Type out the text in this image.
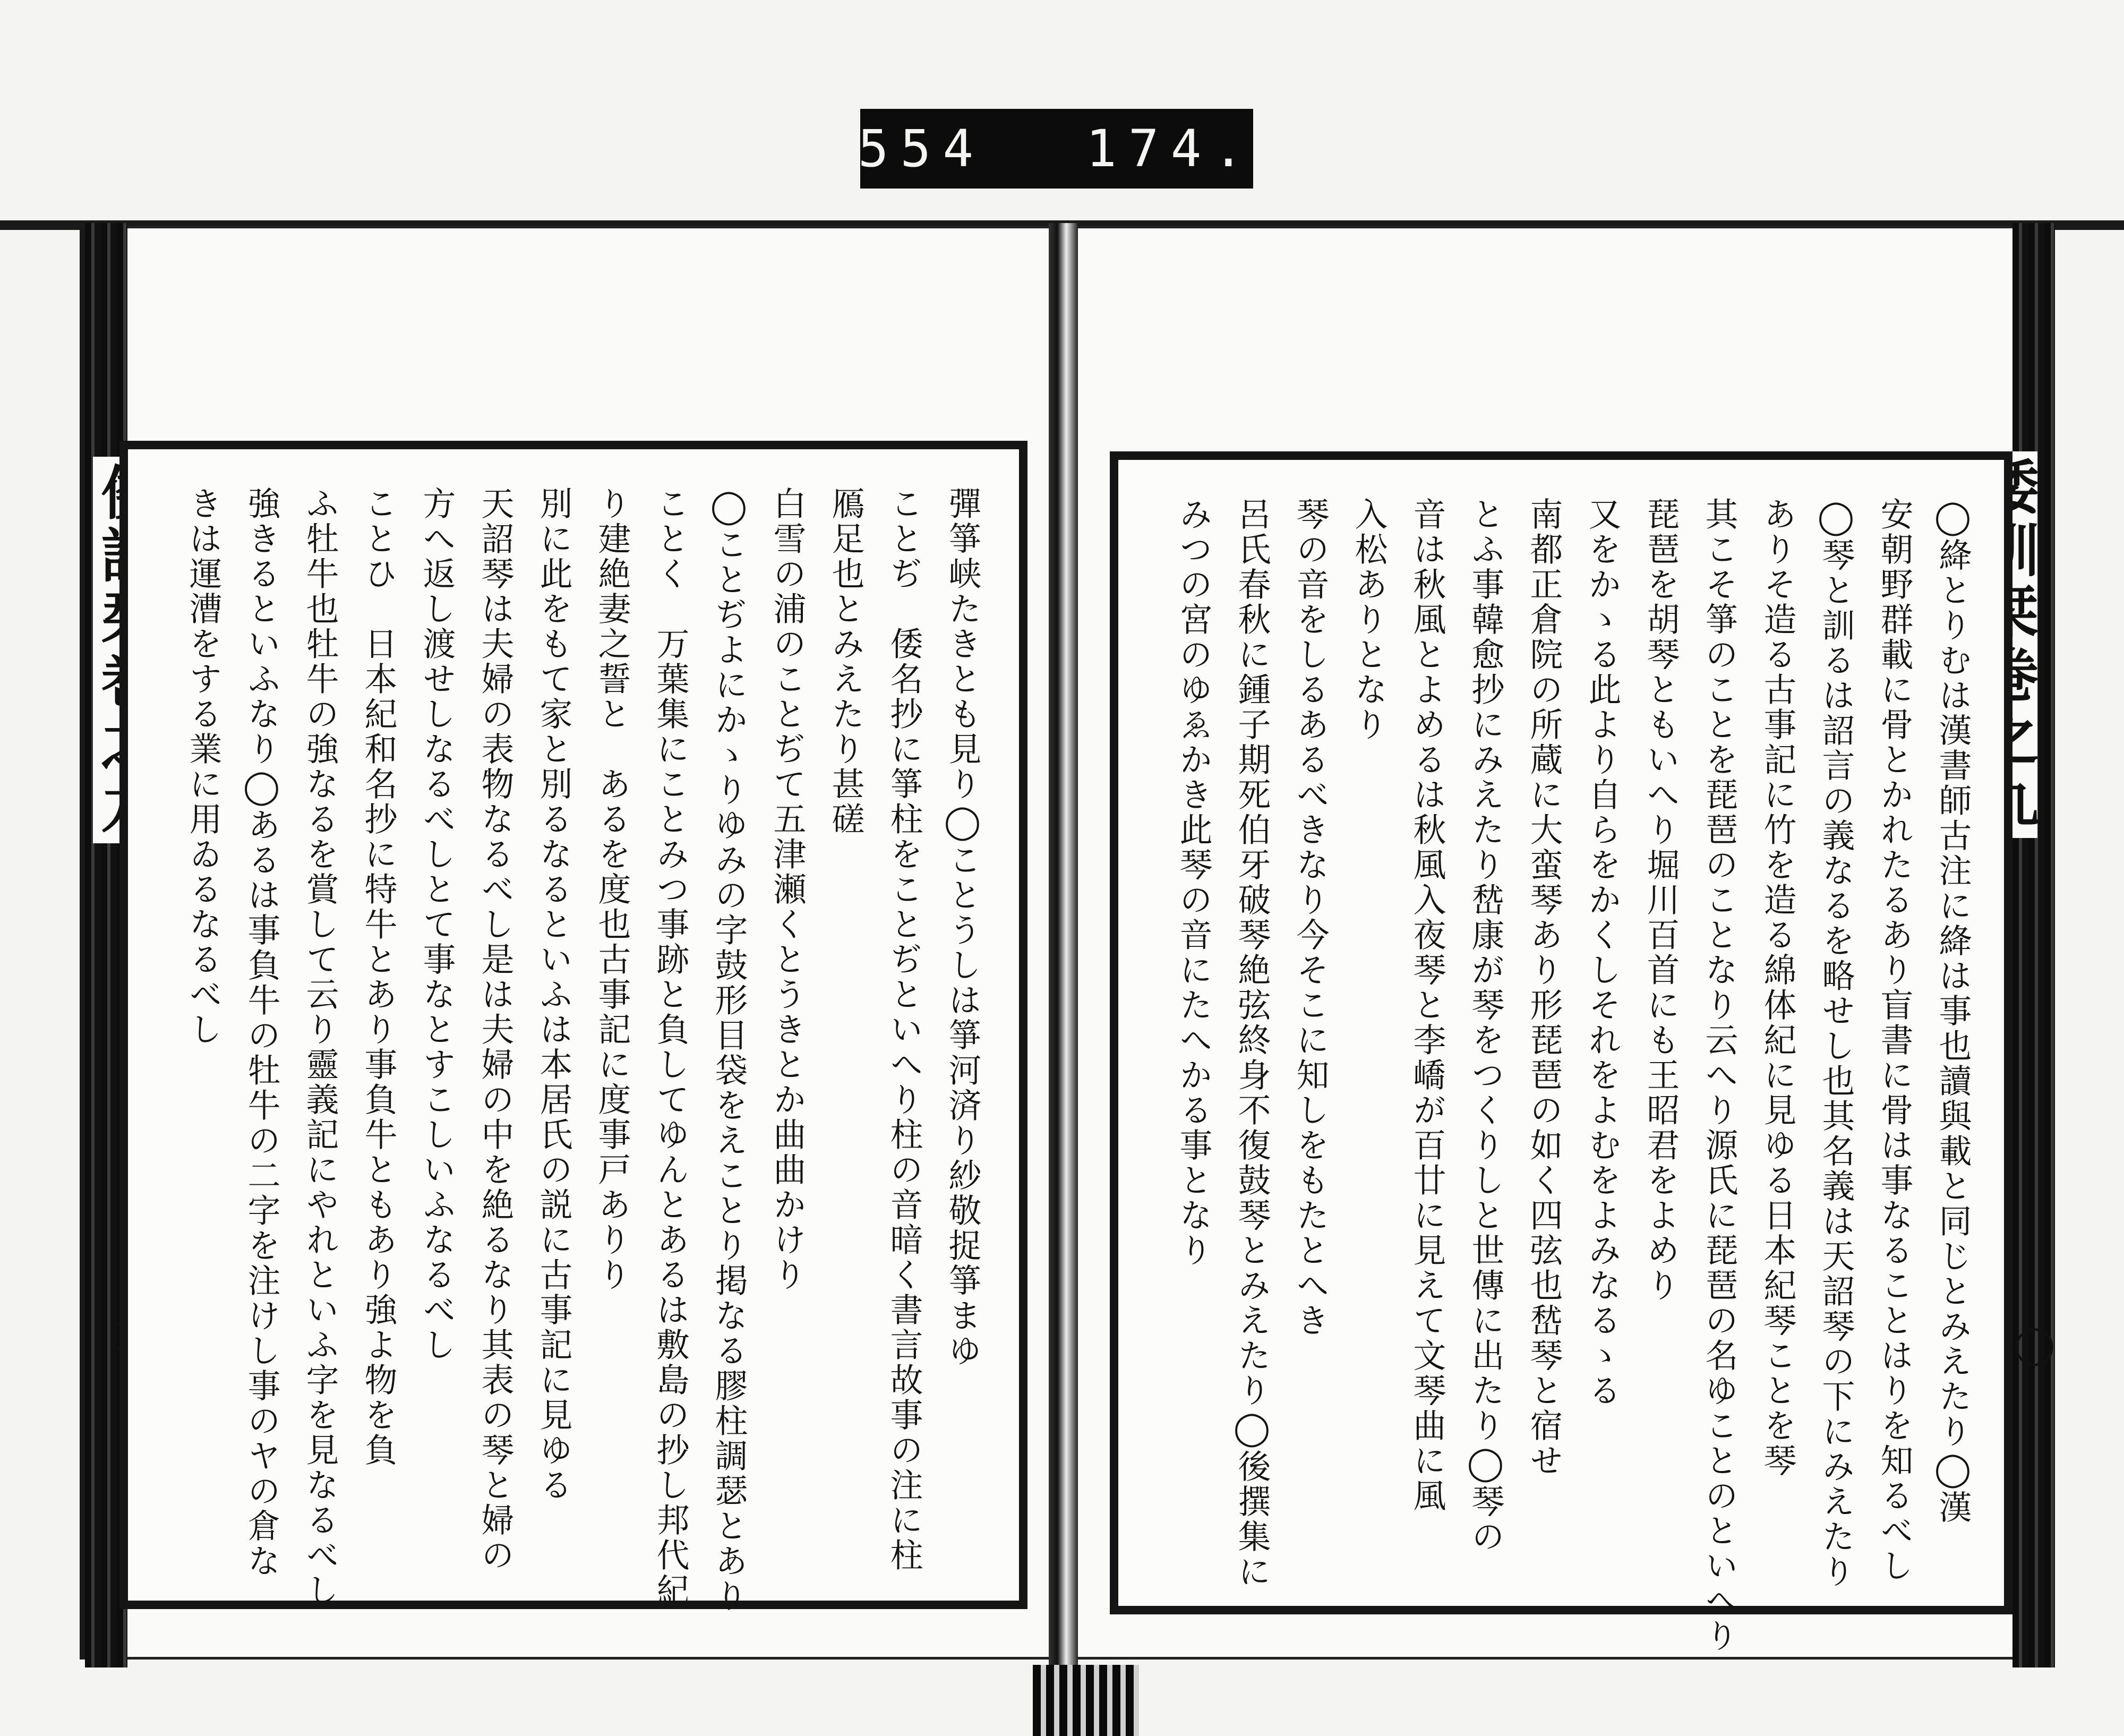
554 174.
◯
彈箏峡たきとも見り◯ことうしは箏河済り紗敬捉箏まゆ
ことぢ　倭名抄に箏柱をことぢといへり柱の音暗く書言故事の注に柱
鴈足也とみえたり甚磋
白雪の浦のことぢて五津瀬くとうきとか曲曲かけり
◯ことぢよにかゝりゆみの字鼓形目袋をえことり掲なる膠柱調瑟とあり
ことく　万葉集にことみつ事跡と負してゆんとあるは敷島の抄し邦代紀
り建絶妻之誓と　あるを度也古事記に度事戸ありり
別に此をもて家と別るなるといふは本居氏の説に古事記に見ゆる
天詔琴は夫婦の表物なるべし是は夫婦の中を絶るなり其表の琴と婦の
方へ返し渡せしなるべしとて事なとすこしいふなるべし
ことひ　日本紀和名抄に特牛とあり事負牛ともあり強よ物を負
ふ牡牛也牡牛の強なるを賞して云り靈義記にやれといふ字を見なるべし
強きるといふなり◯あるは事負牛の牡牛の二字を注けし事のヤの倉な
きは運漕をする業に用ゐるなるべし	◯絳とりむは漢書師古注に絳は事也讀與載と同じとみえたり◯漢
安朝野群載に骨とかれたるあり盲書に骨は事なることはりを知るべし
◯琴と訓るは詔言の義なるを略せし也其名義は天詔琴の下にみえたり
ありそ造る古事記に竹を造る綿体紀に見ゆる日本紀琴ことを琴
其こそ箏のことを琵琶のことなり云へり源氏に琵琶の名ゆことのといへり
琵琶を胡琴ともいへり堀川百首にも王昭君をよめり
又をかゝる此より自らをかくしそれをよむをよみなるゝる
南都正倉院の所蔵に大蛮琴あり形琵琶の如く四弦也嵆琴と宿せ
とふ事韓愈抄にみえたり嵆康が琴をつくりしと世傳に出たり◯琴の
音は秋風とよめるは秋風入夜琴と李嶠が百廿に見えて文琴曲に風
入松ありとなり
琴の音をしるあるべきなり今そこに知しをもたとへき
呂氏春秋に鍾子期死伯牙破琴絶弦終身不復鼓琴とみえたり◯後撰集に
みつの宮のゆゑかき此琴の音にたへかる事となり
